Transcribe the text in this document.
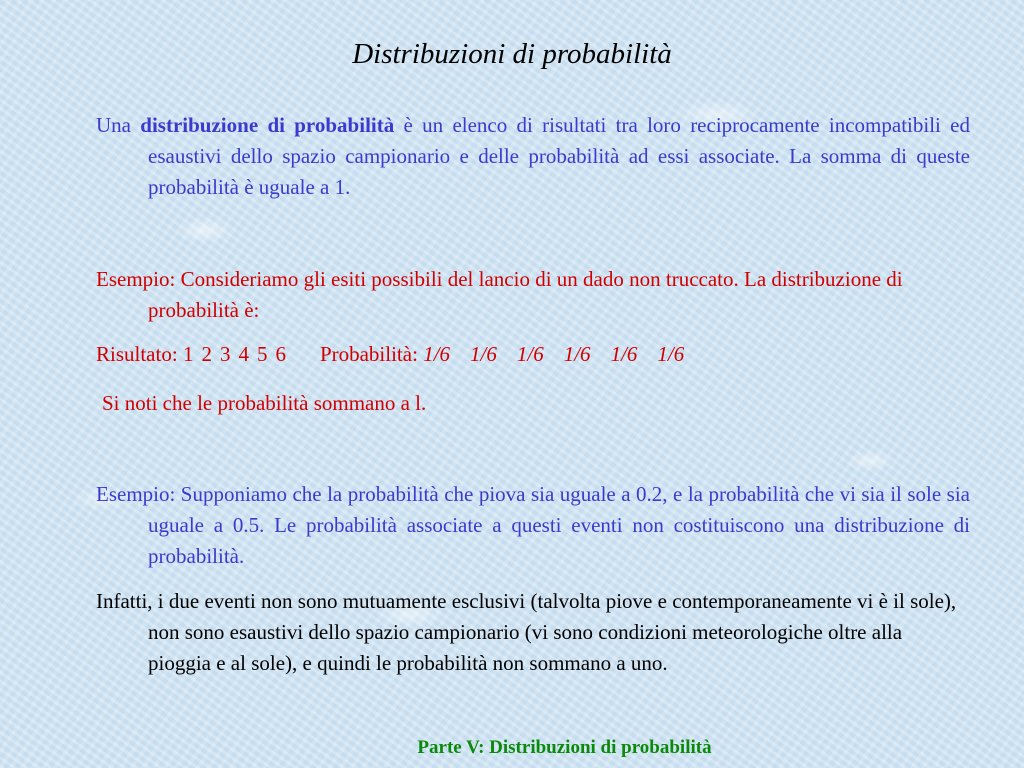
Distribuzioni di probabilità

Una distribuzione di probabilità è un elenco di risultati tra loro reciprocamente incompatibili ed esaustivi dello spazio campionario e delle probabilità ad essi associate. La somma di queste probabilità è uguale a 1.

Esempio: Consideriamo gli esiti possibili del lancio di un dado non truccato. La distribuzione di probabilità è:

Risultato: 1 2 3 4 5 6 Probabilità: 1/6 1/6 1/6 1/6 1/6 1/6

Si noti che le probabilità sommano a l.

Esempio: Supponiamo che la probabilità che piova sia uguale a 0.2, e la probabilità che vi sia il sole sia uguale a 0.5. Le probabilità associate a questi eventi non costituiscono una distribuzione di probabilità.

Infatti, i due eventi non sono mutuamente esclusivi (talvolta piove e contemporaneamente vi è il sole), non sono esaustivi dello spazio campionario (vi sono condizioni meteorologiche oltre alla pioggia e al sole), e quindi le probabilità non sommano a uno.

Parte V: Distribuzioni di probabilità
